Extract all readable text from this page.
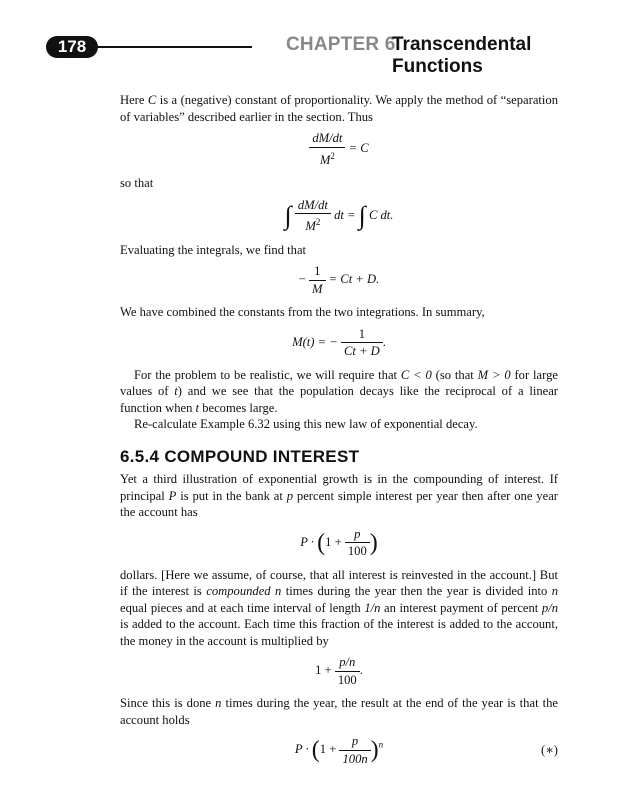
178	CHAPTER 6
Transcendental Functions

Here C is a (negative) constant of proportionality. We apply the method of “separation of variables” described earlier in the section. Thus

$\frac{dM/dt}{M^2} = C$

so that

∫ $\frac{dM/dt}{M^2}$ dt = ∫ C dt.

Evaluating the integrals, we find that

− $\frac{1}{M} = Ct + D$.

We have combined the constants from the two integrations. In summary,

M(t) = − $\frac{1}{Ct + D}$ .

For the problem to be realistic, we will require that C < 0 (so that M > 0 for large values of t) and we see that the population decays like the reciprocal of a linear function when t becomes large.

Re-calculate Example 6.32 using this new law of exponential decay.

6.5.4 COMPOUND INTEREST

Yet a third illustration of exponential growth is in the compounding of interest. If principal P is put in the bank at p percent simple interest per year then after one year the account has

$P \cdot (1 + \frac{p}{100}$ )

dollars. [Here we assume, of course, that all interest is reinvested in the account.] But if the interest is compounded n times during the year then the year is divided into n equal pieces and at each time interval of length 1/n an interest payment of percent p/n is added to the account. Each time this fraction of the interest is added to the account, the money in the account is multiplied by

$1 + \frac{p/n}{100}$ .

Since this is done n times during the year, the result at the end of the year is that the account holds

$P \cdot (1 + \frac{p}{100n} )^n$	(∗)
